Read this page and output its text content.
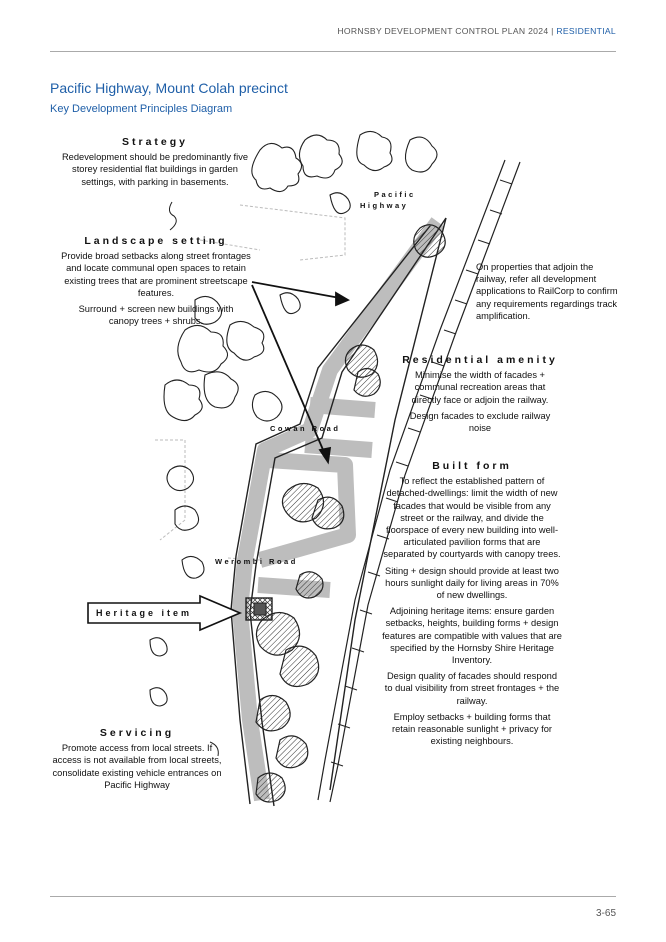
HORNSBY DEVELOPMENT CONTROL PLAN 2024 | RESIDENTIAL
Pacific Highway, Mount Colah precinct
Key Development Principles Diagram
Pacific
Highway
Cowan Road
Werombi Road
Heritage item
Strategy

Redevelopment should be predominantly five storey residential flat buildings in garden settings, with parking in basements.

Landscape setting

Provide broad setbacks along street frontages and locate communal open spaces to retain existing trees that are prominent streetscape features.

Surround + screen new buildings with canopy trees + shrubs.

On properties that adjoin the railway, refer all development applications to RailCorp to confirm any requirements regardings track amplification.

Residential amenity

Minimise the width of facades + communal recreation areas that directly face or adjoin the railway.

Design facades to exclude railway noise

Built form

To reflect the established pattern of detached-dwellings: limit the width of new facades that would be visible from any street or the railway, and divide the floorspace of every new building into well-articulated pavilion forms that are separated by courtyards with canopy trees.

Siting + design should provide at least two hours sunlight daily for living areas in 70% of new dwellings.

Adjoining heritage items: ensure garden setbacks, heights, building forms + design features are compatible with values that are specified by the Hornsby Shire Heritage Inventory.

Design quality of facades should respond to dual visibility from street frontages + the railway.

Employ setbacks + building forms that retain reasonable sunlight + privacy for existing neighbours.

Servicing

Promote access from local streets. If access is not available from local streets, consolidate existing vehicle entrances on Pacific Highway

3-65
